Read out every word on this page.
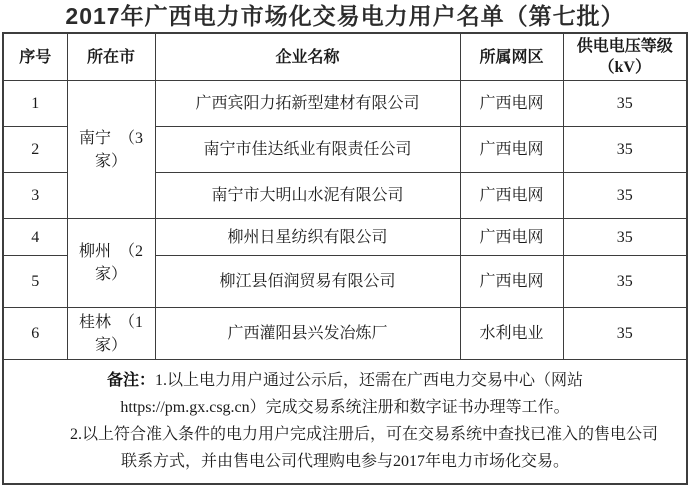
2017年广西电力市场化交易电力用户名单（第七批）
序号	所在市	企业名称	所属网区	供电电压等级
（kV）

1	南宁　（3家）	广西宾阳力拓新型建材有限公司	广西电网	35
2		南宁市佳达纸业有限责任公司	广西电网	35
3		南宁市大明山水泥有限公司	广西电网	35
4	柳州　（2家）	柳州日星纺织有限公司	广西电网	35
5		柳江县佰润贸易有限公司	广西电网	35
6	桂林　（1家）	广西灌阳县兴发冶炼厂	水利电业	35

备注：1.以上电力用户通过公示后，还需在广西电力交易中心（网站
https://pm.gx.csg.cn）完成交易系统注册和数字证书办理等工作。
2.以上符合准入条件的电力用户完成注册后，可在交易系统中查找已准入的售电公司
联系方式，并由售电公司代理购电参与2017年电力市场化交易。				
